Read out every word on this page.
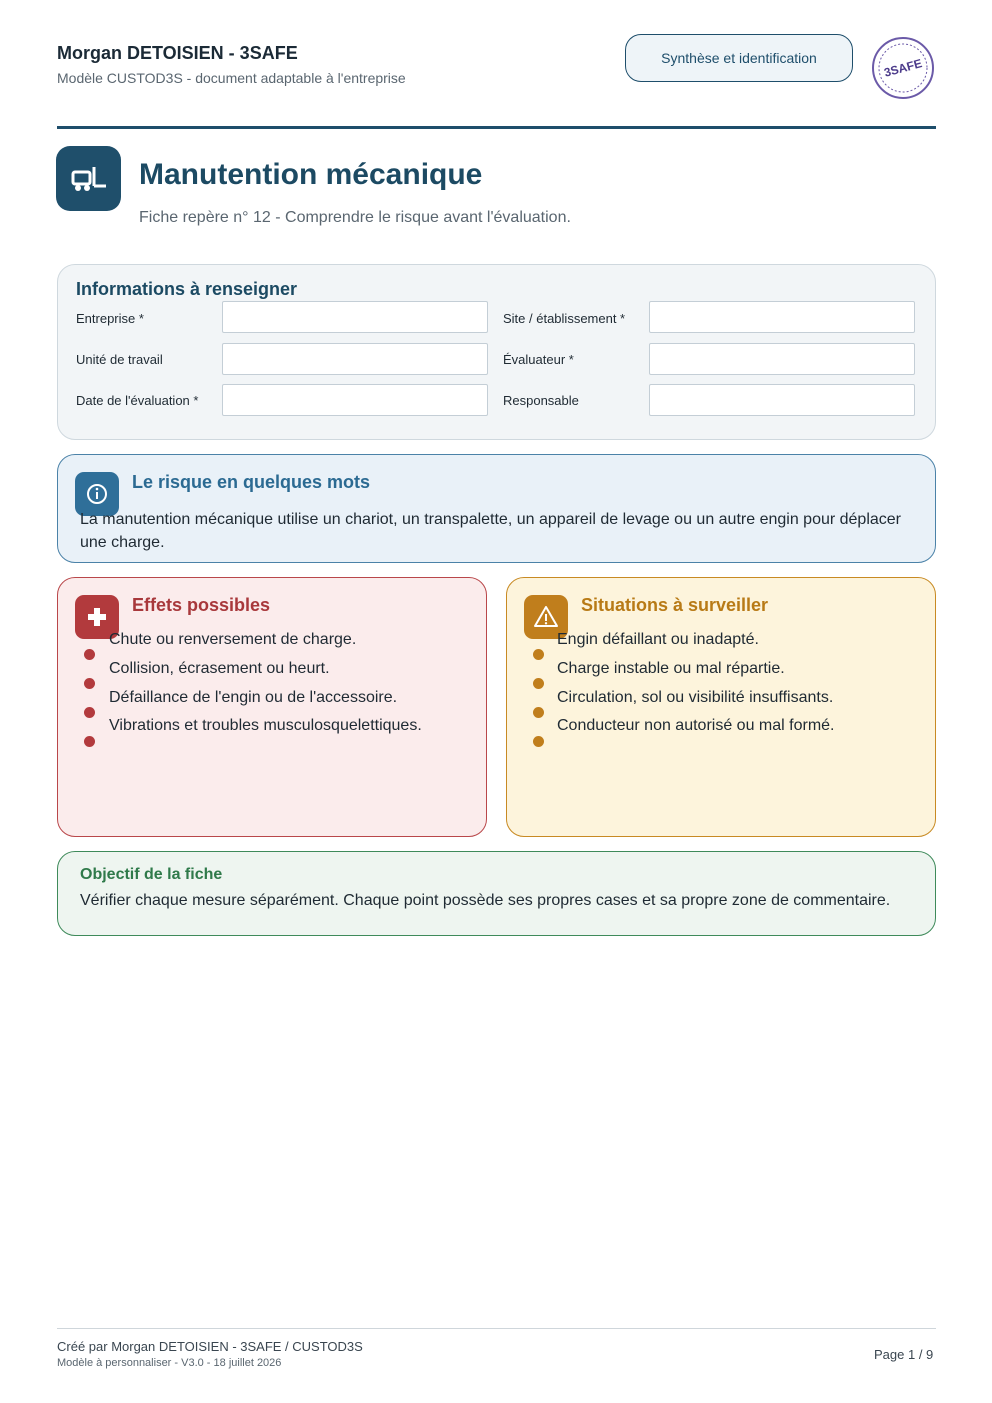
Morgan DETOISIEN - 3SAFE
Modèle CUSTOD3S - document adaptable à l'entreprise
Synthèse et identification	3SAFE
Manutention mécanique
Fiche repère n° 12 - Comprendre le risque avant l'évaluation.
Informations à renseigner
Entreprise *	Site / établissement *
Unité de travail	Évaluateur *
Date de l'évaluation *	Responsable
Le risque en quelques mots
La manutention mécanique utilise un chariot, un transpalette, un appareil de levage ou un autre engin pour déplacer une charge.
Effets possibles
Chute ou renversement de charge.
Collision, écrasement ou heurt.
Défaillance de l'engin ou de l'accessoire.
Vibrations et troubles musculosquelettiques.
Situations à surveiller
Engin défaillant ou inadapté.
Charge instable ou mal répartie.
Circulation, sol ou visibilité insuffisants.
Conducteur non autorisé ou mal formé.
Objectif de la fiche
Vérifier chaque mesure séparément. Chaque point possède ses propres cases et sa propre zone de commentaire.
Créé par Morgan DETOISIEN - 3SAFE / CUSTOD3S
Modèle à personnaliser - V3.0 - 18 juillet 2026
Page 1 / 9
